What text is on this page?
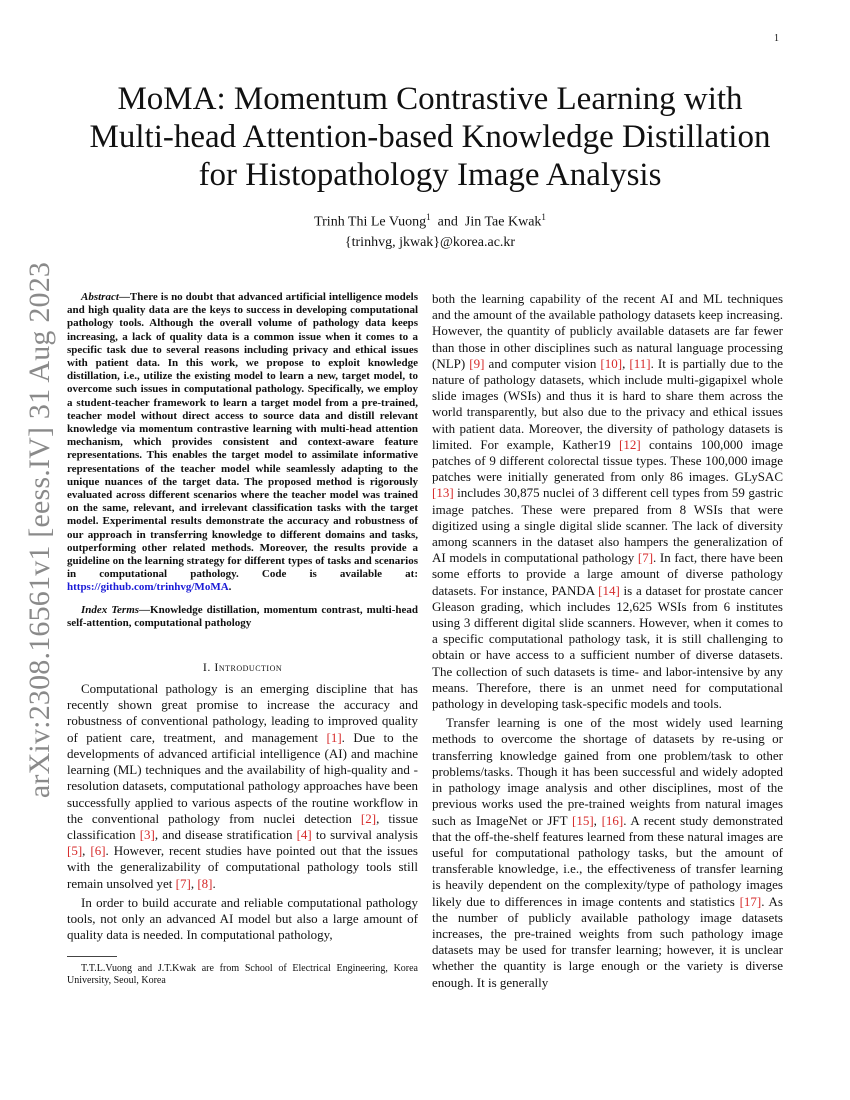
1
arXiv:2308.16561v1 [eess.IV] 31 Aug 2023
MoMA: Momentum Contrastive Learning with
Multi-head Attention-based Knowledge Distillation
for Histopathology Image Analysis
Trinh Thi Le Vuong$^1$ and Jin Tae Kwak$^1$
{trinhvg, jkwak}@korea.ac.kr

Abstract—There is no doubt that advanced artificial intelligence models and high quality data are the keys to success in developing computational pathology tools. Although the overall volume of pathology data keeps increasing, a lack of quality data is a common issue when it comes to a specific task due to several reasons including privacy and ethical issues with patient data. In this work, we propose to exploit knowledge distillation, i.e., utilize the existing model to learn a new, target model, to overcome such issues in computational pathology. Specifically, we employ a student-teacher framework to learn a target model from a pre-trained, teacher model without direct access to source data and distill relevant knowledge via momentum contrastive learning with multi-head attention mechanism, which provides consistent and context-aware feature representations. This enables the target model to assimilate informative representations of the teacher model while seamlessly adapting to the unique nuances of the target data. The proposed method is rigorously evaluated across different scenarios where the teacher model was trained on the same, relevant, and irrelevant classification tasks with the target model. Experimental results demonstrate the accuracy and robustness of our approach in transferring knowledge to different domains and tasks, outperforming other related methods. Moreover, the results provide a guideline on the learning strategy for different types of tasks and scenarios in computational pathology. Code is available at: https://github.com/trinhvg/MoMA.

Index Terms—Knowledge distillation, momentum contrast, multi-head self-attention, computational pathology

I. Introduction

Computational pathology is an emerging discipline that has recently shown great promise to increase the accuracy and robustness of conventional pathology, leading to improved quality of patient care, treatment, and management [1]. Due to the developments of advanced artificial intelligence (AI) and machine learning (ML) techniques and the availability of high-quality and -resolution datasets, computational pathology approaches have been successfully applied to various aspects of the routine workflow in the conventional pathology from nuclei detection [2], tissue classification [3], and disease stratification [4] to survival analysis [5], [6]. However, recent studies have pointed out that the issues with the generalizability of computational pathology tools still remain unsolved yet [7], [8].

In order to build accurate and reliable computational pathology tools, not only an advanced AI model but also a large amount of quality data is needed. In computational pathology,

T.T.L.Vuong and J.T.Kwak are from School of Electrical Engineering, Korea University, Seoul, Korea

both the learning capability of the recent AI and ML techniques and the amount of the available pathology datasets keep increasing. However, the quantity of publicly available datasets are far fewer than those in other disciplines such as natural language processing (NLP) [9] and computer vision [10], [11]. It is partially due to the nature of pathology datasets, which include multi-gigapixel whole slide images (WSIs) and thus it is hard to share them across the world transparently, but also due to the privacy and ethical issues with patient data. Moreover, the diversity of pathology datasets is limited. For example, Kather19 [12] contains 100,000 image patches of 9 different colorectal tissue types. These 100,000 image patches were initially generated from only 86 images. GLySAC [13] includes 30,875 nuclei of 3 different cell types from 59 gastric image patches. These were prepared from 8 WSIs that were digitized using a single digital slide scanner. The lack of diversity among scanners in the dataset also hampers the generalization of AI models in computational pathology [7]. In fact, there have been some efforts to provide a large amount of diverse pathology datasets. For instance, PANDA [14] is a dataset for prostate cancer Gleason grading, which includes 12,625 WSIs from 6 institutes using 3 different digital slide scanners. However, when it comes to a specific computational pathology task, it is still challenging to obtain or have access to a sufficient number of diverse datasets. The collection of such datasets is time- and labor-intensive by any means. Therefore, there is an unmet need for computational pathology in developing task-specific models and tools.

Transfer learning is one of the most widely used learning methods to overcome the shortage of datasets by re-using or transferring knowledge gained from one problem/task to other problems/tasks. Though it has been successful and widely adopted in pathology image analysis and other disciplines, most of the previous works used the pre-trained weights from natural images such as ImageNet or JFT [15], [16]. A recent study demonstrated that the off-the-shelf features learned from these natural images are useful for computational pathology tasks, but the amount of transferable knowledge, i.e., the effectiveness of transfer learning is heavily dependent on the complexity/type of pathology images likely due to differences in image contents and statistics [17]. As the number of publicly available pathology image datasets increases, the pre-trained weights from such pathology image datasets may be used for transfer learning; however, it is unclear whether the quantity is large enough or the variety is diverse enough. It is generally
